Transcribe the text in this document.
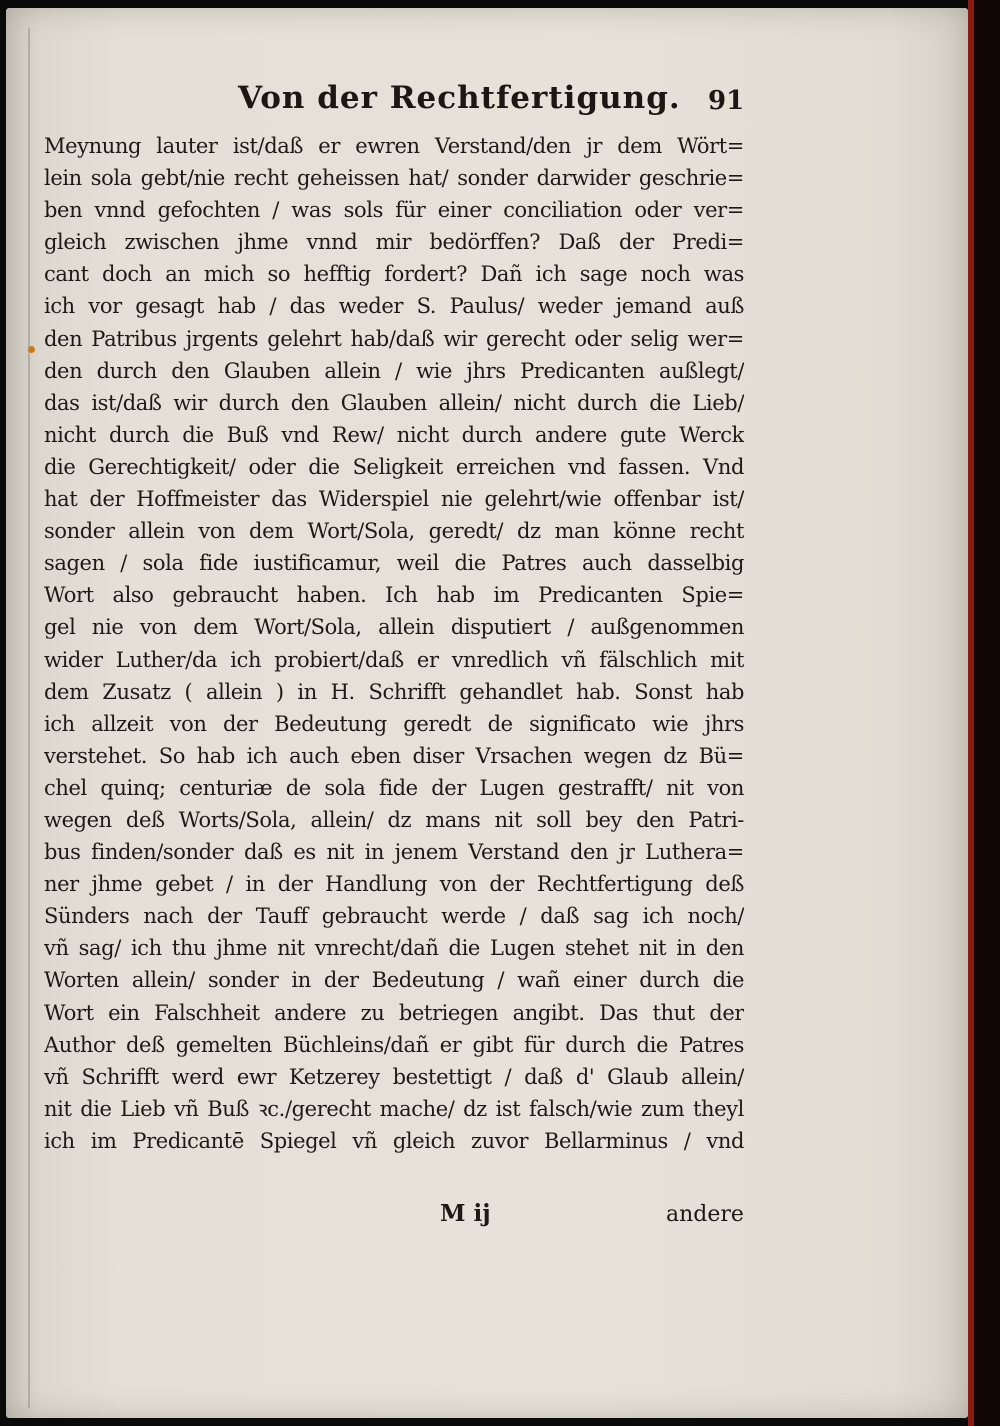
Von der Rechtfertigung. 91
Meynung lauter ist/daß er ewren Verstand/den jr dem Wört=
lein sola gebt/nie recht geheissen hat/ sonder darwider geschrie=
ben vnnd gefochten / was sols für einer conciliation oder ver=
gleich zwischen jhme vnnd mir bedörffen? Daß der Predi=
cant doch an mich so hefftig fordert? Dañ ich sage noch was
ich vor gesagt hab / das weder S. Paulus/ weder jemand auß
den Patribus jrgents gelehrt hab/daß wir gerecht oder selig wer=
den durch den Glauben allein / wie jhrs Predicanten außlegt/
das ist/daß wir durch den Glauben allein/ nicht durch die Lieb/
nicht durch die Buß vnd Rew/ nicht durch andere gute Werck
die Gerechtigkeit/ oder die Seligkeit erreichen vnd fassen. Vnd
hat der Hoffmeister das Widerspiel nie gelehrt/wie offenbar ist/
sonder allein von dem Wort/Sola, geredt/ dz man könne recht
sagen / sola fide iustificamur, weil die Patres auch dasselbig
Wort also gebraucht haben. Ich hab im Predicanten Spie=
gel nie von dem Wort/Sola, allein disputiert / außgenommen
wider Luther/da ich probiert/daß er vnredlich vñ fälschlich mit
dem Zusatz ( allein ) in H. Schrifft gehandlet hab. Sonst hab
ich allzeit von der Bedeutung geredt de significato wie jhrs
verstehet. So hab ich auch eben diser Vrsachen wegen dz Bü=
chel quinq; centuriæ de sola fide der Lugen gestrafft/ nit von
wegen deß Worts/Sola, allein/ dz mans nit soll bey den Patri-
bus finden/sonder daß es nit in jenem Verstand den jr Luthera=
ner jhme gebet / in der Handlung von der Rechtfertigung deß
Sünders nach der Tauff gebraucht werde / daß sag ich noch/
vñ sag/ ich thu jhme nit vnrecht/dañ die Lugen stehet nit in den
Worten allein/ sonder in der Bedeutung / wañ einer durch die
Wort ein Falschheit andere zu betriegen angibt. Das thut der
Author deß gemelten Büchleins/dañ er gibt für durch die Patres
vñ Schrifft werd ewr Ketzerey bestettigt / daß d' Glaub allein/
nit die Lieb vñ Buß ꝛc./gerecht mache/ dz ist falsch/wie zum theyl
ich im Predicantē Spiegel vñ gleich zuvor Bellarminus / vnd
M ij	andere
